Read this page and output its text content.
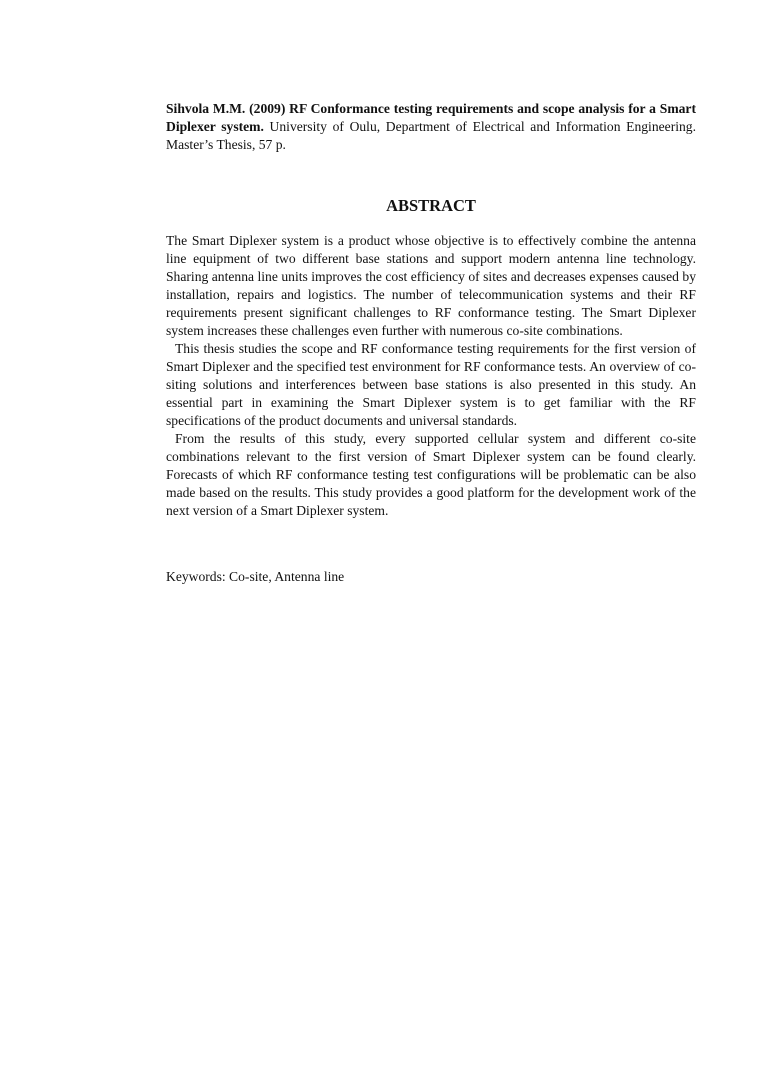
Sihvola M.M. (2009) RF Conformance testing requirements and scope analysis for a Smart Diplexer system. University of Oulu, Department of Electrical and Information Engineering. Master’s Thesis, 57 p.

ABSTRACT

The Smart Diplexer system is a product whose objective is to effectively combine the antenna line equipment of two different base stations and support modern antenna line technology. Sharing antenna line units improves the cost efficiency of sites and decreases expenses caused by installation, repairs and logistics. The number of telecommunication systems and their RF requirements present significant challenges to RF conformance testing. The Smart Diplexer system increases these challenges even further with numerous co-site combinations.

This thesis studies the scope and RF conformance testing requirements for the first version of Smart Diplexer and the specified test environment for RF conformance tests. An overview of co-siting solutions and interferences between base stations is also presented in this study. An essential part in examining the Smart Diplexer system is to get familiar with the RF specifications of the product documents and universal standards.

From the results of this study, every supported cellular system and different co-site combinations relevant to the first version of Smart Diplexer system can be found clearly. Forecasts of which RF conformance testing test configurations will be problematic can be also made based on the results. This study provides a good platform for the development work of the next version of a Smart Diplexer system.

Keywords: Co-site, Antenna line
